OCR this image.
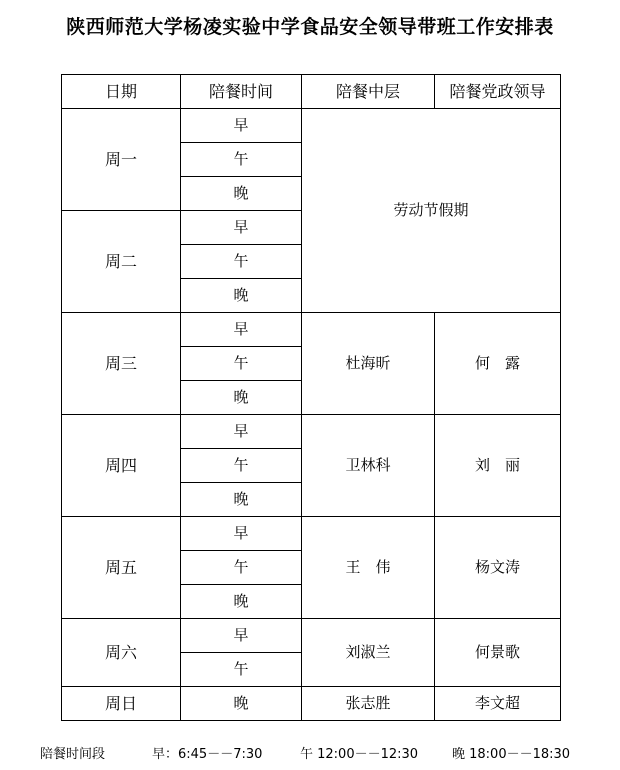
陕西师范大学杨凌实验中学食品安全领导带班工作安排表
日期	陪餐时间	陪餐中层	陪餐党政领导
周一	早	劳动节假期	
	午		
	晚		
周二	早		
	午		
	晚		
周三	早	杜海昕	何　露
	午		
	晚		
周四	早	卫林科	刘　丽
	午		
	晚		
周五	早	王　伟	杨文涛
	午		
	晚		
周六	早	刘淑兰	何景歌
	午		
周日	晚	张志胜	李文超
陪餐时间段	早：6:45－－7:30	午 12:00－－12:30	晚 18:00－－18:30
